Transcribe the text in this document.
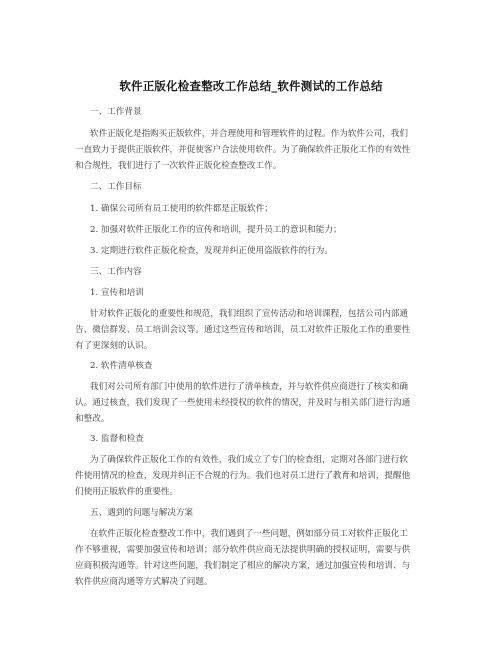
软件正版化检查整改工作总结_软件测试的工作总结
一、工作背景
软件正版化是指购买正版软件，并合理使用和管理软件的过程。作为软件公司，我们
一直致力于提供正版软件，并促使客户合法使用软件。为了确保软件正版化工作的有效性
和合规性，我们进行了一次软件正版化检查整改工作。
二、工作目标
1. 确保公司所有员工使用的软件都是正版软件；
2. 加强对软件正版化工作的宣传和培训，提升员工的意识和能力；
3. 定期进行软件正版化检查，发现并纠正使用盗版软件的行为。
三、工作内容
1. 宣传和培训
针对软件正版化的重要性和规范，我们组织了宣传活动和培训课程，包括公司内部通
告、微信群发、员工培训会议等。通过这些宣传和培训，员工对软件正版化工作的重要性
有了更深刻的认识。
2. 软件清单核查
我们对公司所有部门中使用的软件进行了清单核查，并与软件供应商进行了核实和确
认。通过核查，我们发现了一些使用未经授权的软件的情况，并及时与相关部门进行沟通
和整改。
3. 监督和检查
为了确保软件正版化工作的有效性，我们成立了专门的检查组，定期对各部门进行软
件使用情况的检查，发现并纠正不合规的行为。我们也对员工进行了教育和培训，提醒他
们使用正版软件的重要性。
五、遇到的问题与解决方案
在软件正版化检查整改工作中，我们遇到了一些问题，例如部分员工对软件正版化工
作不够重视，需要加强宣传和培训；部分软件供应商无法提供明确的授权证明，需要与供
应商积极沟通等。针对这些问题，我们制定了相应的解决方案，通过加强宣传和培训、与
软件供应商沟通等方式解决了问题。
